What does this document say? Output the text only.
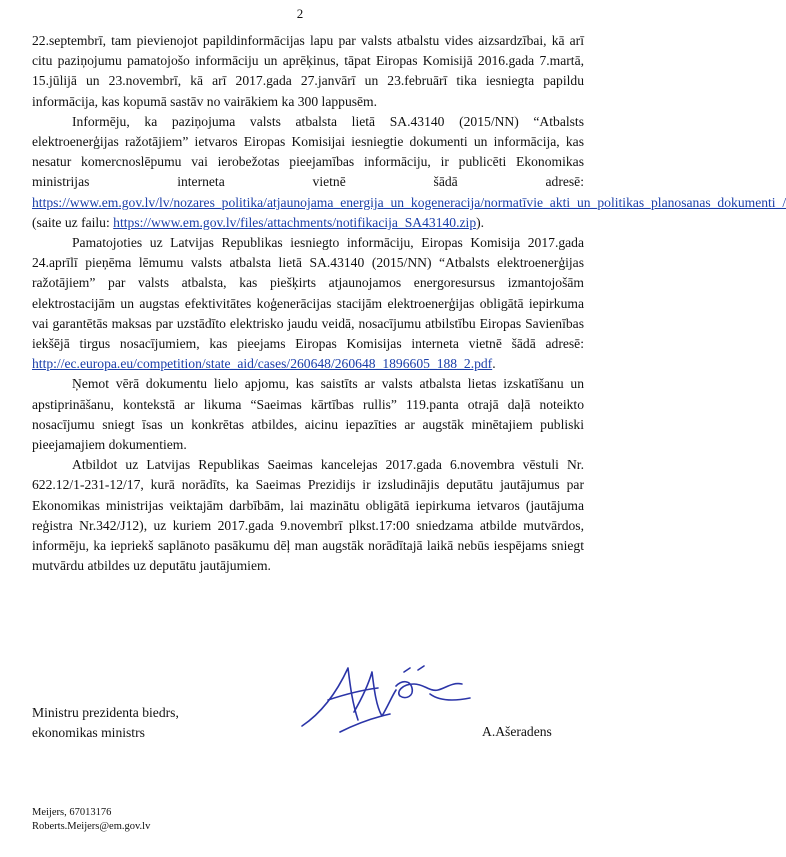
2

22.septembrī, tam pievienojot papildinformācijas lapu par valsts atbalstu vides aizsardzībai, kā arī citu paziņojumu pamatojošo informāciju un aprēķinus, tāpat Eiropas Komisijā 2016.gada 7.martā, 15.jūlijā un 23.novembrī, kā arī 2017.gada 27.janvārī un 23.februārī tika iesniegta papildu informācija, kas kopumā sastāv no vairākiem ka 300 lappusēm.

Informēju, ka paziņojuma valsts atbalsta lietā SA.43140 (2015/NN) “Atbalsts elektroenerģijas ražotājiem” ietvaros Eiropas Komisijai iesniegtie dokumenti un informācija, kas nesatur komercnoslēpumu vai ierobežotas pieejamības informāciju, ir publicēti Ekonomikas ministrijas interneta vietnē šādā adresē: https://www.em.gov.lv/lv/nozares_politika/atjaunojama_energija_un_kogeneracija/normatīvie_akti_un_politikas_planosanas_dokumenti_/ (saite uz failu: https://www.em.gov.lv/files/attachments/notifikacija_SA43140.zip).

Pamatojoties uz Latvijas Republikas iesniegto informāciju, Eiropas Komisija 2017.gada 24.aprīlī pieņēma lēmumu valsts atbalsta lietā SA.43140 (2015/NN) “Atbalsts elektroenerģijas ražotājiem” par valsts atbalsta, kas piešķirts atjaunojamos energoresursus izmantojošām elektrostacijām un augstas efektivitātes koģenerācijas stacijām elektroenerģijas obligātā iepirkuma vai garantētās maksas par uzstādīto elektrisko jaudu veidā, nosacījumu atbilstību Eiropas Savienības iekšējā tirgus nosacījumiem, kas pieejams Eiropas Komisijas interneta vietnē šādā adresē: http://ec.europa.eu/competition/state_aid/cases/260648/260648_1896605_188_2.pdf.

Ņemot vērā dokumentu lielo apjomu, kas saistīts ar valsts atbalsta lietas izskatīšanu un apstiprināšanu, kontekstā ar likuma “Saeimas kārtības rullis” 119.panta otrajā daļā noteikto nosacījumu sniegt īsas un konkrētas atbildes, aicinu iepazīties ar augstāk minētajiem publiski pieejamajiem dokumentiem.

Atbildot uz Latvijas Republikas Saeimas kancelejas 2017.gada 6.novembra vēstuli Nr. 622.12/1-231-12/17, kurā norādīts, ka Saeimas Prezidijs ir izsludinājis deputātu jautājumus par Ekonomikas ministrijas veiktajām darbībām, lai mazinātu obligātā iepirkuma ietvaros (jautājuma reģistra Nr.342/J12), uz kuriem 2017.gada 9.novembrī plkst.17:00 sniedzama atbilde mutvārdos, informēju, ka iepriekš saplānoto pasākumu dēļ man augstāk norādītajā laikā nebūs iespējams sniegt mutvārdu atbildes uz deputātu jautājumiem.

Ministru prezidenta biedrs,
ekonomikas ministrs	A.Ašeradens
Meijers, 67013176
Roberts.Meijers@em.gov.lv
